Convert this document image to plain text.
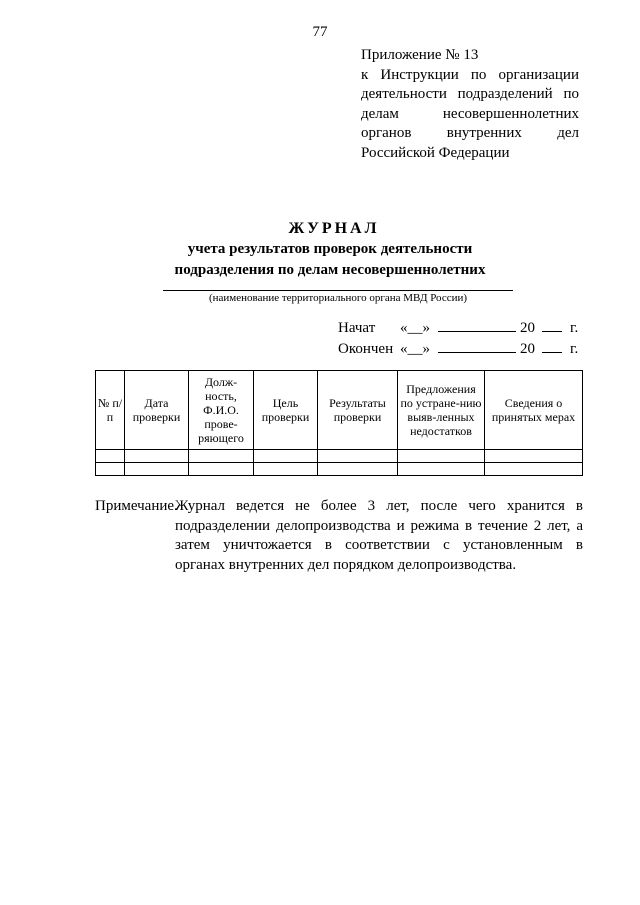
77
Приложение № 13
к Инструкции по организации
деятельности подразделений по
делам	несовершеннолетних
органов внутренних дел
Российской Федерации
ЖУРНАЛ
учета результатов проверок деятельности
подразделения по делам несовершеннолетних
(наименование территориального органа МВД России)
Начат	«__»	20	г.
Окончен «__»	20	г.
№ п/п	Дата проверки	Долж-ность, Ф.И.О. прове-ряющего	Цель проверки	Результаты проверки	Предложения по устране-нию выяв-ленных недостатков	Сведения о принятых мерах

Примечание.
Журнал ведется не более 3 лет, после чего хранится в
подразделении делопроизводства и режима в течение 2 лет, а
затем уничтожается в соответствии с установленным в
органах внутренних дел порядком делопроизводства.
